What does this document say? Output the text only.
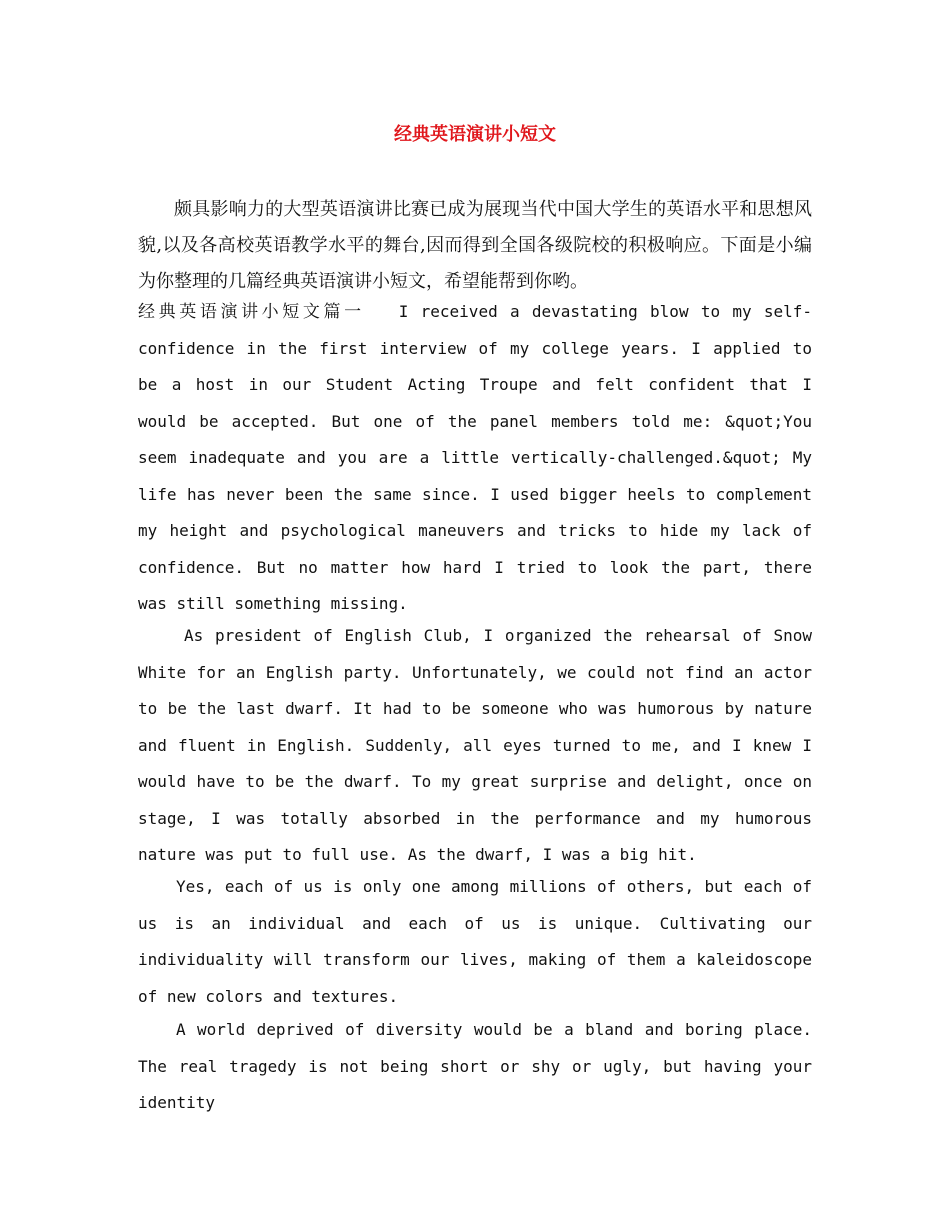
经典英语演讲小短文
颇具影响力的大型英语演讲比赛已成为展现当代中国大学生的英语水平和思想风貌,以及各高校英语教学水平的舞台,因而得到全国各级院校的积极响应。下面是小编为你整理的几篇经典英语演讲小短文，希望能帮到你哟。
经典英语演讲小短文篇一 I received a devastating blow to my self-confidence in the first interview of my college years. I applied to be a host in our Student Acting Troupe and felt confident that I would be accepted. But one of the panel members told me: &quot;You seem inadequate and you are a little vertically-challenged.&quot; My life has never been the same since. I used bigger heels to complement my height and psychological maneuvers and tricks to hide my lack of confidence. But no matter how hard I tried to look the part, there was still something missing.
As president of English Club, I organized the rehearsal of Snow White for an English party. Unfortunately, we could not find an actor to be the last dwarf. It had to be someone who was humorous by nature and fluent in English. Suddenly, all eyes turned to me, and I knew I would have to be the dwarf. To my great surprise and delight, once on stage, I was totally absorbed in the performance and my humorous nature was put to full use. As the dwarf, I was a big hit.
Yes, each of us is only one among millions of others, but each of us is an individual and each of us is unique. Cultivating our individuality will transform our lives, making of them a kaleidoscope of new colors and textures.
A world deprived of diversity would be a bland and boring place. The real tragedy is not being short or shy or ugly, but having your identity
